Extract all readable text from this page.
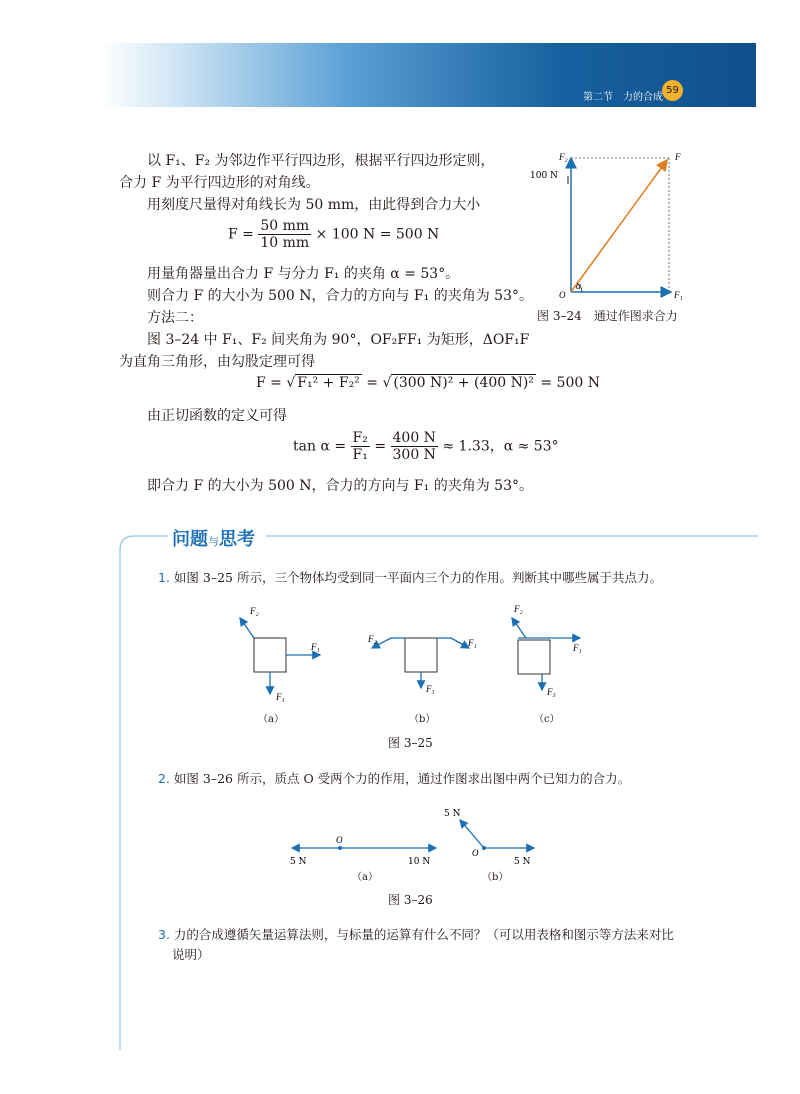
第二节　力的合成
59
以 F₁、F₂ 为邻边作平行四边形，根据平行四边形定则，
合力 F 为平行四边形的对角线。
用刻度尺量得对角线长为 50 mm，由此得到合力大小
$F = \frac{50 mm}{10 mm} \times 100$ N = 500 N
用量角器量出合力 F 与分力 F₁ 的夹角 α = 53°。
则合力 F 的大小为 500 N，合力的方向与 F₁ 的夹角为 53°。
方法二：
图 3–24 中 F₁、F₂ 间夹角为 90°，OF₂FF₁ 为矩形，ΔOF₁F
为直角三角形，由勾股定理可得
F = √ F₁² + F₂² = √ (300 N)² + (400 N)² = 500 N
由正切函数的定义可得
$\tan \alpha = \frac{\text{F₂}}{\text{F₁}} = \frac{400 N}{300 N} \approx 1.33$，α ≈ 53°
即合力 F 的大小为 500 N，合力的方向与 F₁ 的夹角为 53°。
F₂	F
F₁
O
α
100 N
图 3–24　通过作图求合力
问题与思考
1. 如图 3–25 所示，三个物体均受到同一平面内三个力的作用。判断其中哪些属于共点力。
F₁
F₂
F₃
F₁
F₂
F₃
F₁
F₂
F₃
（a）	（b）	（c）
图 3–25
2. 如图 3–26 所示，质点 O 受两个力的作用，通过作图求出图中两个已知力的合力。
O
5 N	10 N
O
5 N
5 N
（a）	（b）
图 3–26
3. 力的合成遵循矢量运算法则，与标量的运算有什么不同？（可以用表格和图示等方法来对比
说明）
